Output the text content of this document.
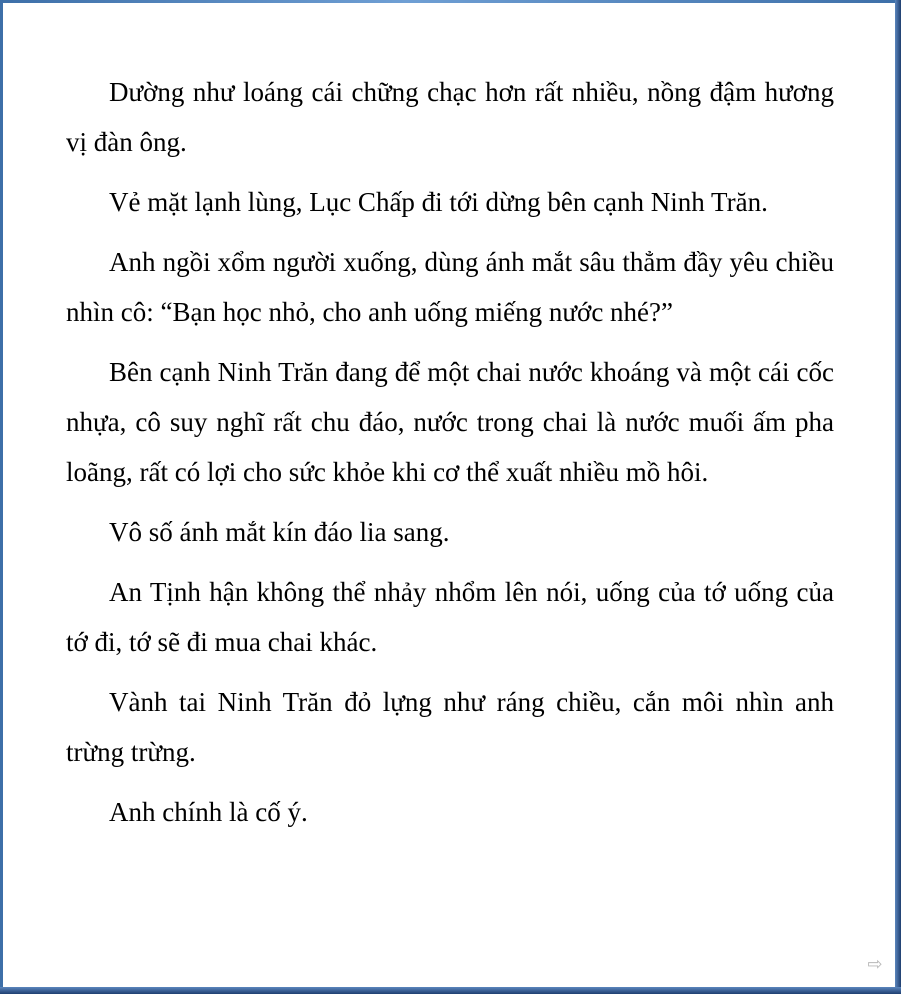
Dường như loáng cái chững chạc hơn rất nhiều, nồng đậm hương vị đàn ông.

Vẻ mặt lạnh lùng, Lục Chấp đi tới dừng bên cạnh Ninh Trăn.

Anh ngồi xổm người xuống, dùng ánh mắt sâu thẳm đầy yêu chiều nhìn cô: “Bạn học nhỏ, cho anh uống miếng nước nhé?”

Bên cạnh Ninh Trăn đang để một chai nước khoáng và một cái cốc nhựa, cô suy nghĩ rất chu đáo, nước trong chai là nước muối ấm pha loãng, rất có lợi cho sức khỏe khi cơ thể xuất nhiều mồ hôi.

Vô số ánh mắt kín đáo lia sang.

An Tịnh hận không thể nhảy nhổm lên nói, uống của tớ uống của tớ đi, tớ sẽ đi mua chai khác.

Vành tai Ninh Trăn đỏ lựng như ráng chiều, cắn môi nhìn anh trừng trừng.

Anh chính là cố ý.

⇨
